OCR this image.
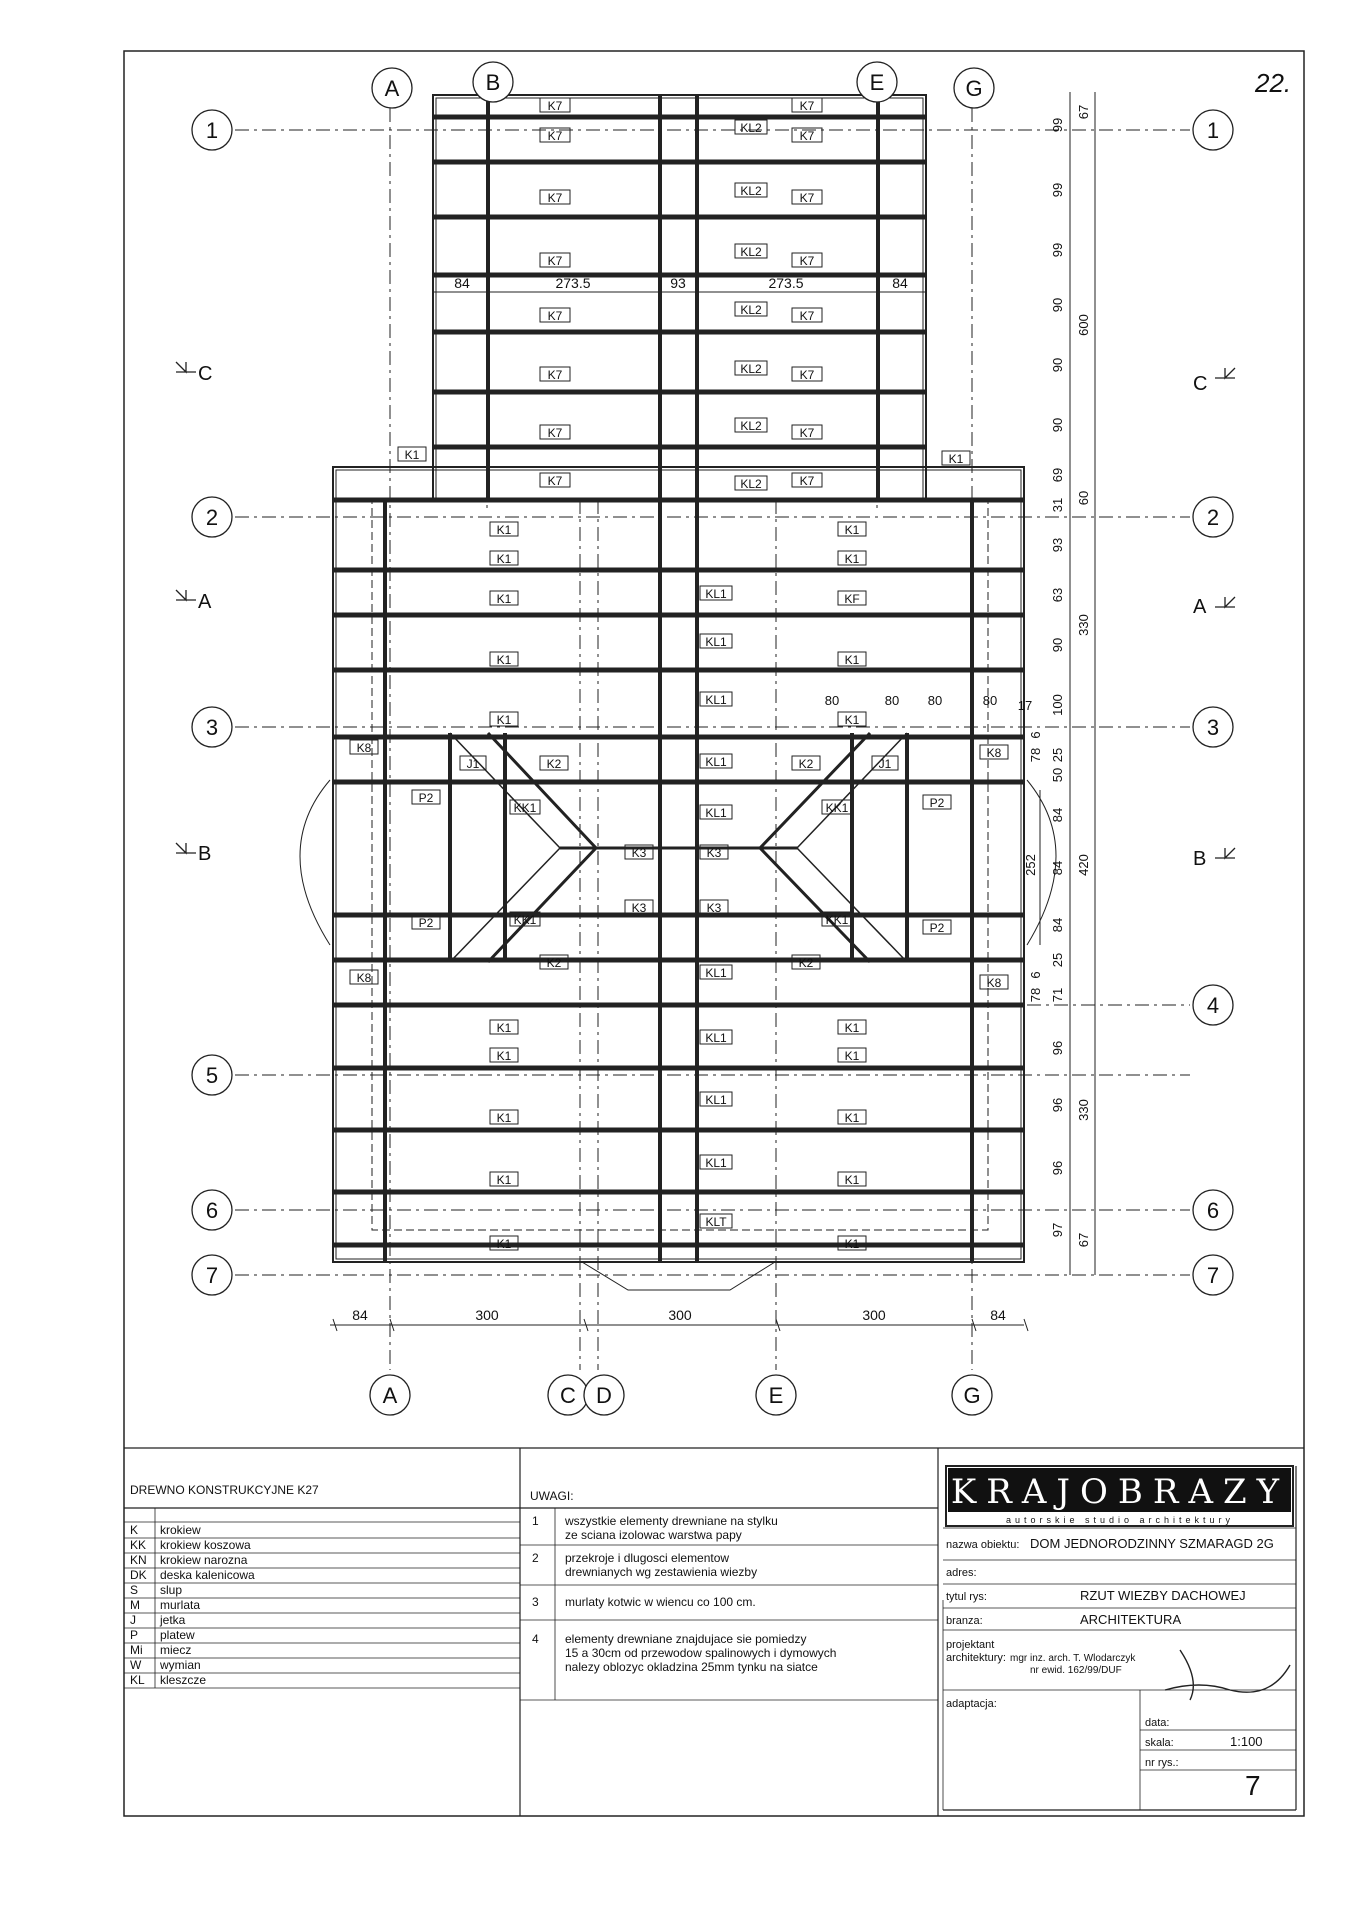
22.
A	B	E	G
A	C D	E	G
1
2
3
5
6
7
1
2
3
4
6
7
C
A
B
C
A
B
84	300	300	300	84
84	273.5	93	273.5	84
99
99
99
90
90
90
69
31 60
93
63
90
100
17
78
6
25
50
84
84
84
25
6
78 71
96
96
96
97
67
67
600
330
420
330
252
80	80 80	80
K7
K7
K7
K7
K7
K7
K7
K7
K7
K7
K7
K7
K7
K7
K7
K7
KL2
KL2
KL2
KL2
KL2
KL2
KL2
K1	K1
K1
K1
K1
K1
K1
K1
K1
K1
K1
K1
K1
K1
K1
K1
K1
K1
K1
K1
K1
KF
KL1
KL1
KL1
KL1
KL1
KL1
KL1
KL1
KL1
KLT
K2
K2
K2
K2
K3	K3
K3	K3
K8
K8
K8
K8
J1	J1
P2
P2
P2
P2
KK1
KK1
KK1
KK1
DREWNO KONSTRUKCYJNE K27
K krokiew
KK krokiew koszowa
KN krokiew narozna
DK deska kalenicowa
S slup
M murlata
J jetka
P platew
Mi miecz
W wymian
KL kleszcze
UWAGI:
1 wszystkie elementy drewniane na stylku
ze sciana izolowac warstwa papy
2 przekroje i dlugosci elementow
drewnianych wg zestawienia wiezby
3 murlaty kotwic w wiencu co 100 cm.
4 elementy drewniane znajdujace sie pomiedzy
15 a 30cm od przewodow spalinowych i dymowych
nalezy oblozyc okladzina 25mm tynku na siatce
KRAJOBRAZY
autorskie studio architektury
nazwa obiektu: DOM JEDNORODZINNY SZMARAGD 2G
adres:
tytul rys:	RZUT WIEZBY DACHOWEJ
branza:	ARCHITEKTURA
projektant
architektury: mgr inz. arch. T. Wlodarczyk
nr ewid. 162/99/DUF
adaptacja:
data:
skala:	1:100
nr rys.:
7
